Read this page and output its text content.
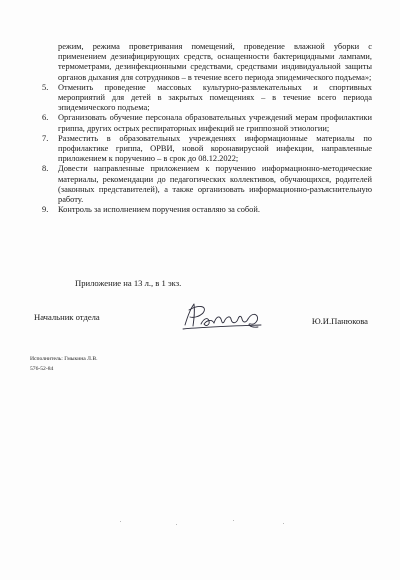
режим, режима проветривания помещений, проведение влажной уборки с применением дезинфицирующих средств, оснащенности бактерицидными лампами, термометрами, дезинфекционными средствами, средствами индивидуальной защиты органов дыхания для сотрудников – в течение всего периода эпидемического подъема»;

5.	Отменить проведение массовых культурно-развлекательных и спортивных мероприятий для детей в закрытых помещениях – в течение всего периода эпидемического подъема;
6.	Организовать обучение персонала образовательных учреждений мерам профилактики гриппа, других острых респираторных инфекций не гриппозной этиологии;
7.	Разместить в образовательных учреждениях информационные материалы по профилактике гриппа, ОРВИ, новой коронавирусной инфекции, направленные приложением к поручению – в срок до 08.12.2022;
8.	Довести направленные приложением к поручению информационно-методические материалы, рекомендации до педагогических коллективов, обучающихся, родителей (законных представителей), а также организовать информационно-разъяснительную работу.
9.	Контроль за исполнением поручения оставляю за собой.
Приложение на 13 л., в 1 экз.
Начальник отдела	Ю.И.Панюкова
Исполнитель: Гмыкина Л.В.
576-52-84
